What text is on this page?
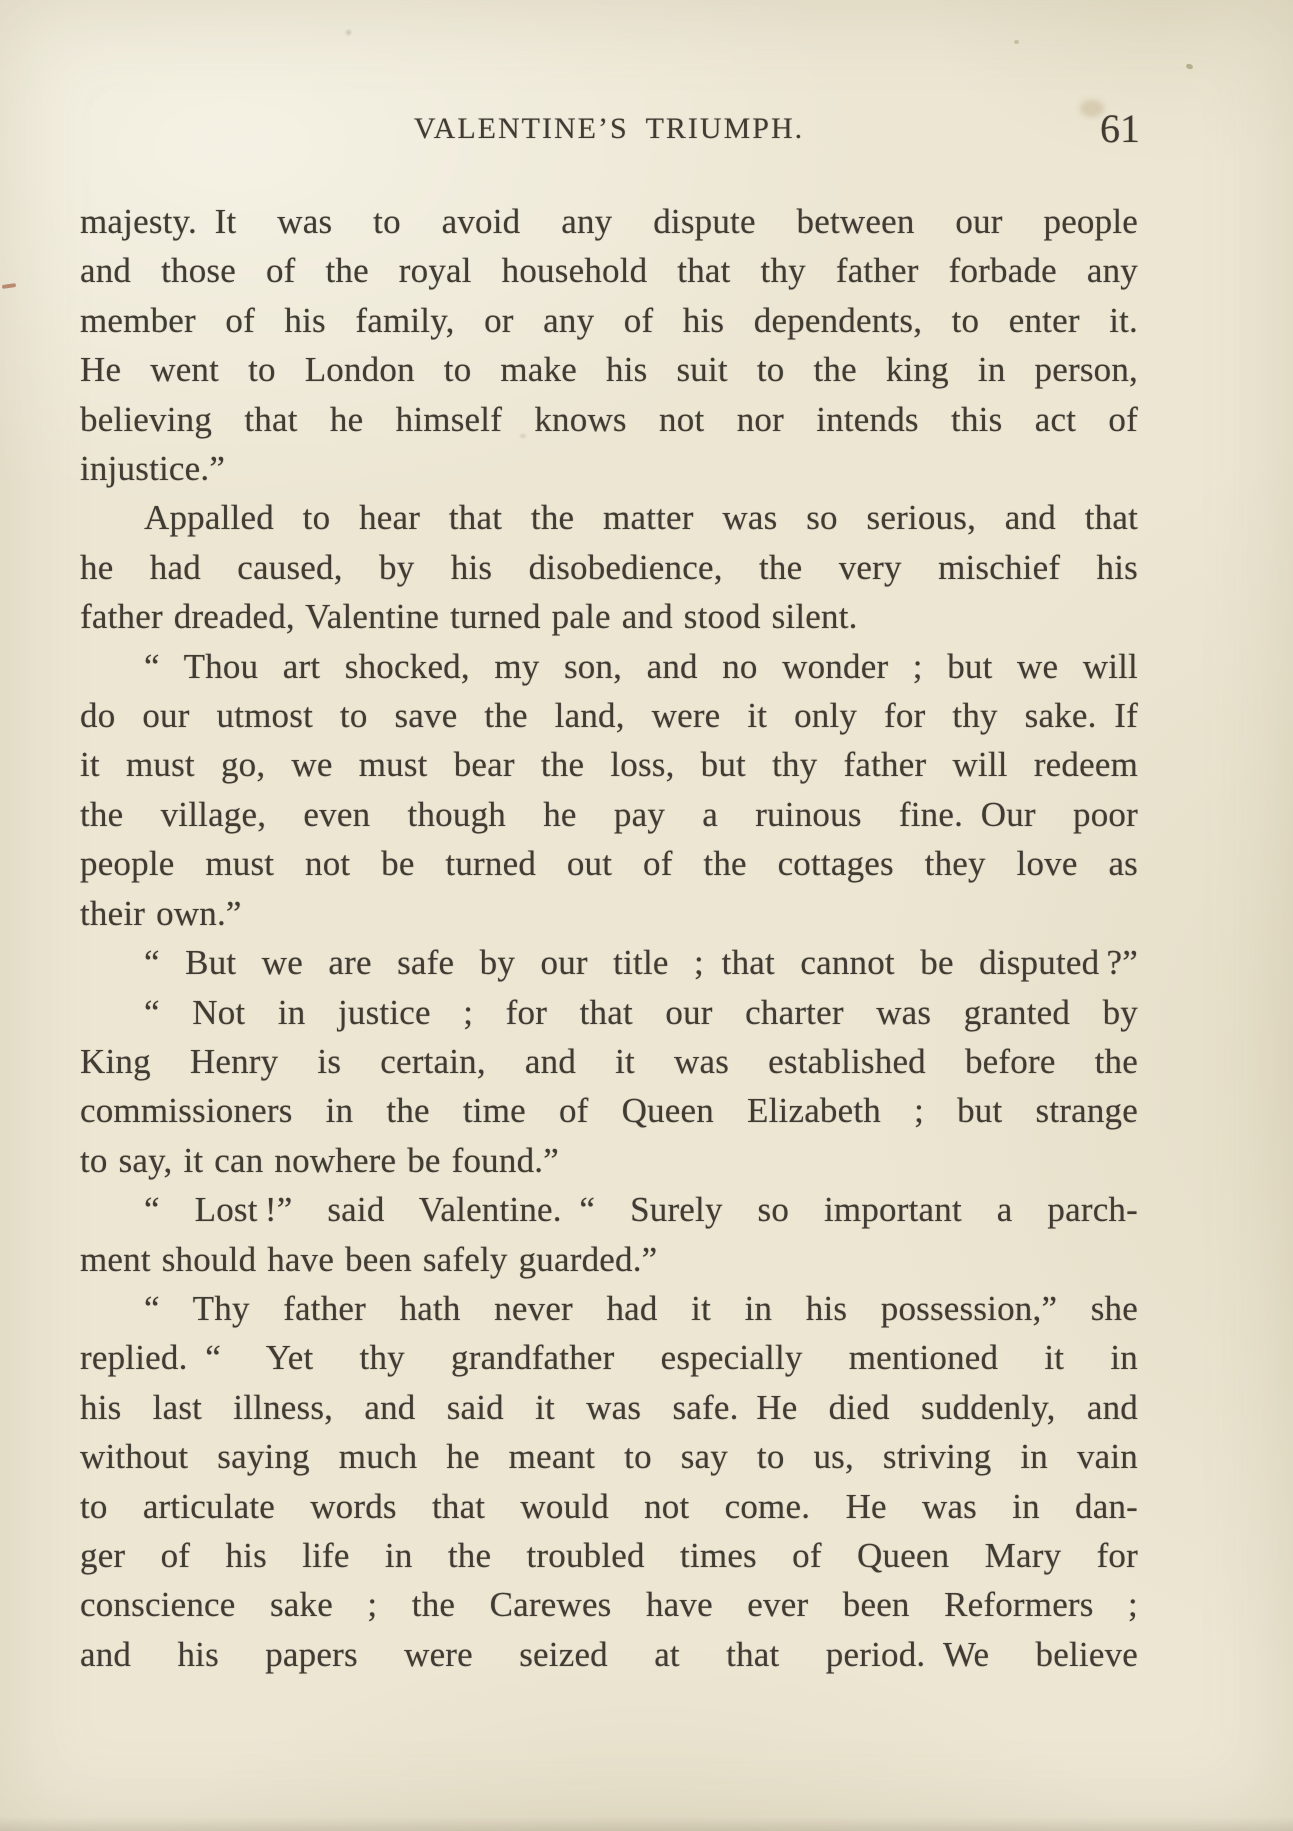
VALENTINE’S TRIUMPH.	61
majesty. It was to avoid any dispute between our people
and those of the royal household that thy father forbade any
member of his family, or any of his dependents, to enter it.
He went to London to make his suit to the king in person,
believing that he himself knows not nor intends this act of
injustice.”
Appalled to hear that the matter was so serious, and that
he had caused, by his disobedience, the very mischief his
father dreaded, Valentine turned pale and stood silent.
“ Thou art shocked, my son, and no wonder ; but we will
do our utmost to save the land, were it only for thy sake. If
it must go, we must bear the loss, but thy father will redeem
the village, even though he pay a ruinous fine. Our poor
people must not be turned out of the cottages they love as
their own.”
“ But we are safe by our title ; that cannot be disputed ?”
“ Not in justice ; for that our charter was granted by
King Henry is certain, and it was established before the
commissioners in the time of Queen Elizabeth ; but strange
to say, it can nowhere be found.”
“ Lost !” said Valentine. “ Surely so important a parch-
ment should have been safely guarded.”
“ Thy father hath never had it in his possession,” she
replied. “ Yet thy grandfather especially mentioned it in
his last illness, and said it was safe. He died suddenly, and
without saying much he meant to say to us, striving in vain
to articulate words that would not come.  He was in dan-
ger of his life in the troubled times of Queen Mary for
conscience sake ; the Carewes have ever been Reformers ;
and his papers were seized at that period. We believe
